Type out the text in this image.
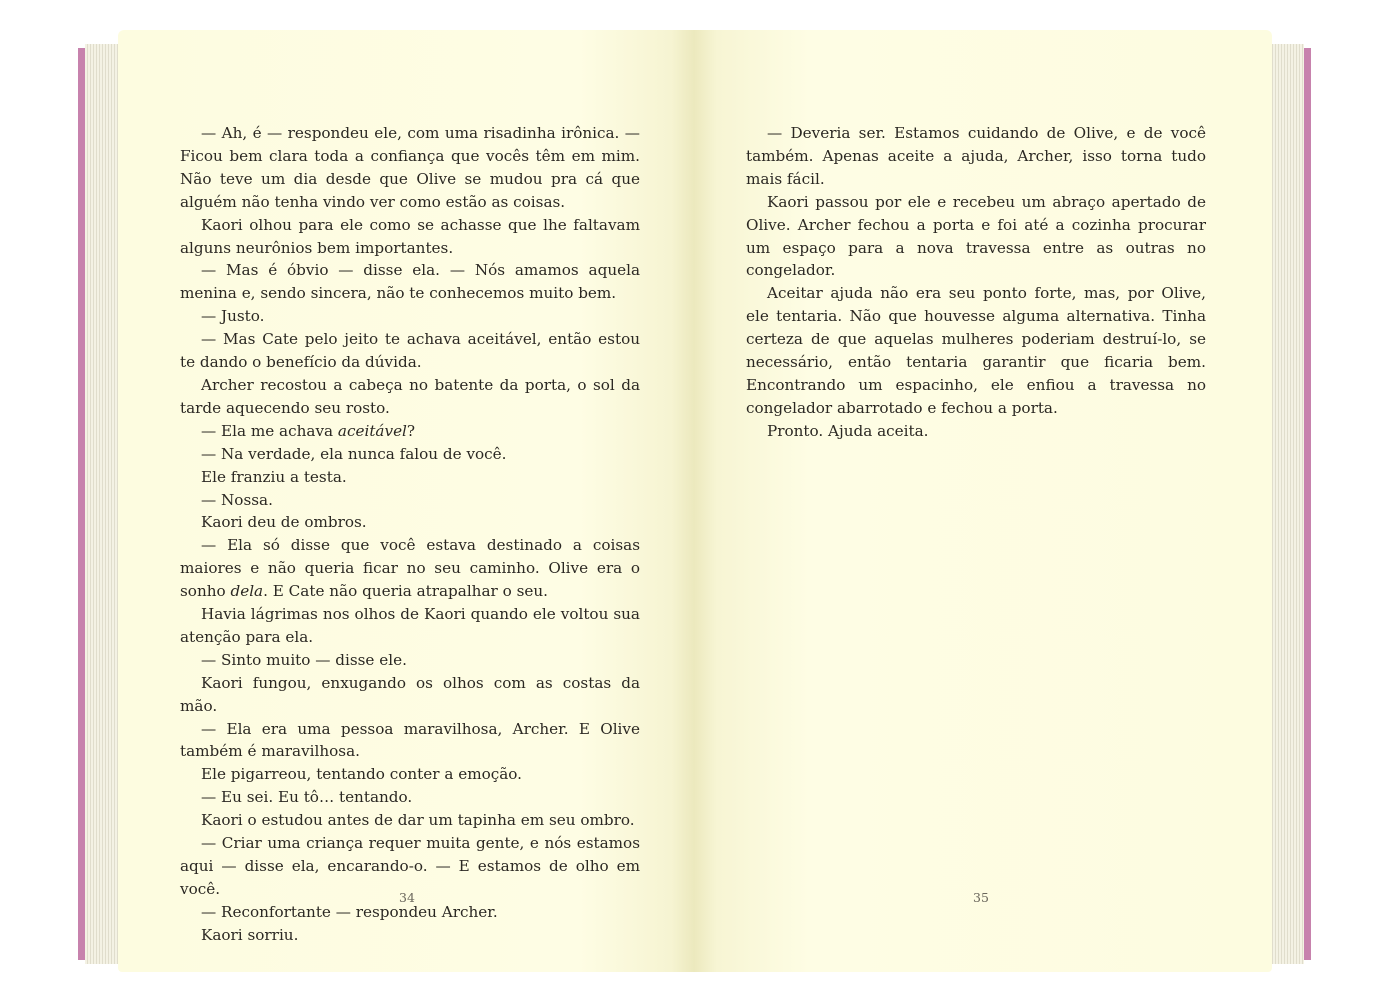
— Ah, é — respondeu ele, com uma risadinha irônica. — Ficou bem clara toda a confiança que vocês têm em mim. Não teve um dia desde que Olive se mudou pra cá que alguém não tenha vindo ver como estão as coisas.

Kaori olhou para ele como se achasse que lhe faltavam alguns neurônios bem importantes.

— Mas é óbvio — disse ela. — Nós amamos aquela menina e, sendo sincera, não te conhecemos muito bem.

— Justo.

— Mas Cate pelo jeito te achava aceitável, então estou te dando o benefício da dúvida.

Archer recostou a cabeça no batente da porta, o sol da tarde aquecendo seu rosto.

— Ela me achava aceitável?

— Na verdade, ela nunca falou de você.

Ele franziu a testa.

— Nossa.

Kaori deu de ombros.

— Ela só disse que você estava destinado a coisas maiores e não queria ficar no seu caminho. Olive era o sonho dela. E Cate não queria atrapalhar o seu.

Havia lágrimas nos olhos de Kaori quando ele voltou sua atenção para ela.

— Sinto muito — disse ele.

Kaori fungou, enxugando os olhos com as costas da mão.

— Ela era uma pessoa maravilhosa, Archer. E Olive também é maravilhosa.

Ele pigarreou, tentando conter a emoção.

— Eu sei. Eu tô… tentando.

Kaori o estudou antes de dar um tapinha em seu ombro.

— Criar uma criança requer muita gente, e nós estamos aqui — disse ela, encarando-o. — E estamos de olho em você.

— Reconfortante — respondeu Archer.

Kaori sorriu.

34

— Deveria ser. Estamos cuidando de Olive, e de você também. Apenas aceite a ajuda, Archer, isso torna tudo mais fácil.

Kaori passou por ele e recebeu um abraço apertado de Olive. Archer fechou a porta e foi até a cozinha procurar um espaço para a nova travessa entre as outras no congelador.

Aceitar ajuda não era seu ponto forte, mas, por Olive, ele tentaria. Não que houvesse alguma alternativa. Tinha certeza de que aquelas mulheres poderiam destruí-lo, se necessário, então tentaria garantir que ficaria bem. Encontrando um espacinho, ele enfiou a travessa no congelador abarrotado e fechou a porta.

Pronto. Ajuda aceita.

35
